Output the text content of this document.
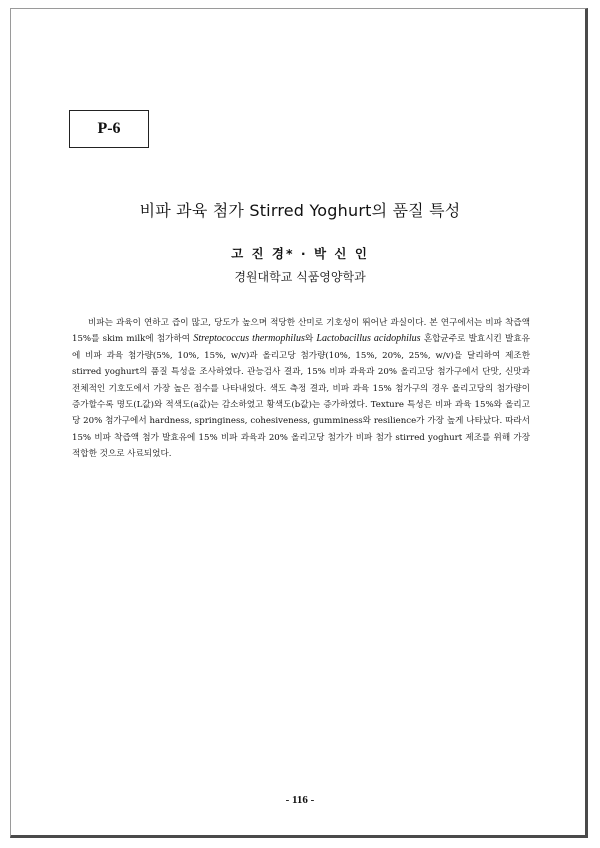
P-6
비파 과육 첨가 Stirred Yoghurt의 품질 특성
고 진 경* · 박 신 인
경원대학교 식품영양학과

비파는 과육이 연하고 즙이 많고, 당도가 높으며 적당한 산미로 기호성이 뛰어난 과실이다. 본 연구에서는 비파 착즙액 15%를 skim milk에 첨가하여 Streptococcus thermophilus와 Lactobacillus acidophilus 혼합균주로 발효시킨 발효유에 비파 과육 첨가량(5%, 10%, 15%, w/v)과 올리고당 첨가량(10%, 15%, 20%, 25%, w/v)을 달리하여 제조한 stirred yoghurt의 품질 특성을 조사하였다. 관능검사 결과, 15% 비파 과육과 20% 올리고당 첨가구에서 단맛, 신맛과 전체적인 기호도에서 가장 높은 점수를 나타내었다. 색도 측정 결과, 비파 과육 15% 첨가구의 경우 올리고당의 첨가량이 증가할수록 명도(L값)와 적색도(a값)는 감소하였고 황색도(b값)는 증가하였다. Texture 특성은 비파 과육 15%와 올리고당 20% 첨가구에서 hardness, springiness, cohesiveness, gumminess와 resilience가 가장 높게 나타났다. 따라서 15% 비파 착즙액 첨가 발효유에 15% 비파 과육과 20% 올리고당 첨가가 비파 첨가 stirred yoghurt 제조를 위해 가장 적합한 것으로 사료되었다.

- 116 -
